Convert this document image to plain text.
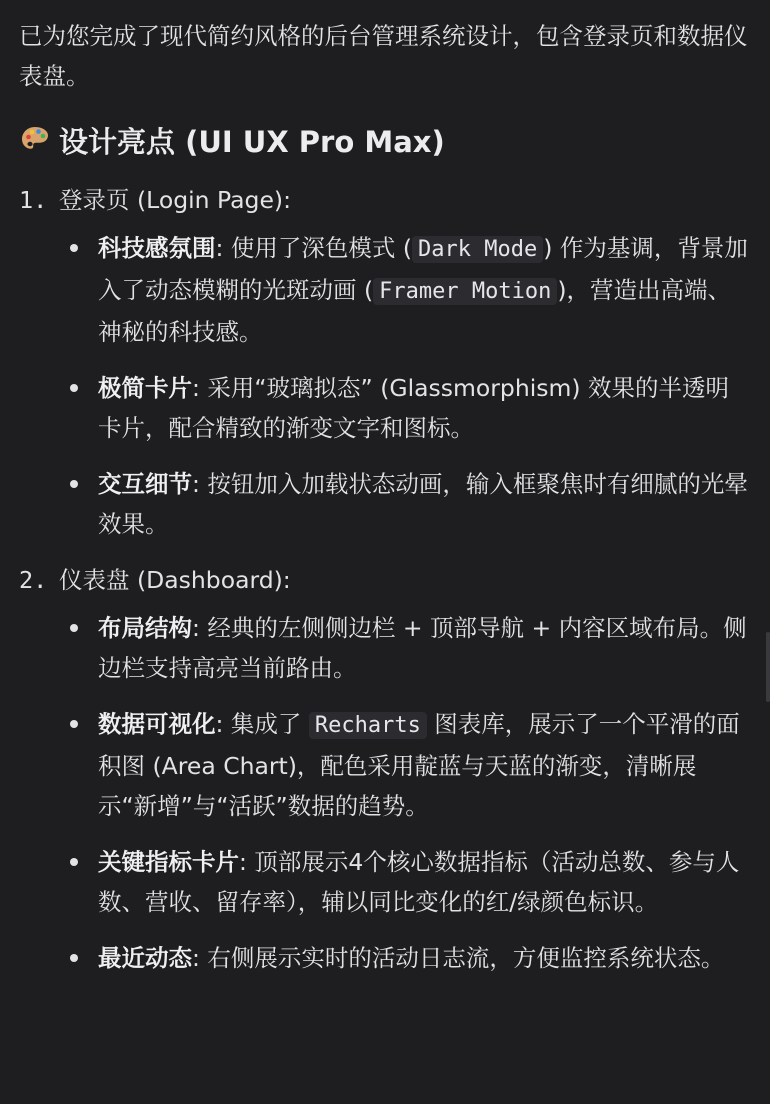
已为您完成了现代简约风格的后台管理系统设计，包含登录页和数据仪表盘。

设计亮点 (UI UX Pro Max)
1. 登录页 (Login Page):
科技感氛围: 使用了深色模式 ( Dark Mode ) 作为基调，背景加入了动态模糊的光斑动画 ( Framer Motion )，营造出高端、神秘的科技感。
极简卡片: 采用“玻璃拟态” (Glassmorphism) 效果的半透明卡片，配合精致的渐变文字和图标。
交互细节: 按钮加入加载状态动画，输入框聚焦时有细腻的光晕效果。
2. 仪表盘 (Dashboard):
布局结构: 经典的左侧侧边栏 + 顶部导航 + 内容区域布局。侧边栏支持高亮当前路由。
数据可视化: 集成了 Recharts 图表库，展示了一个平滑的面积图 (Area Chart)，配色采用靛蓝与天蓝的渐变，清晰展示“新增”与“活跃”数据的趋势。
关键指标卡片: 顶部展示4个核心数据指标（活动总数、参与人数、营收、留存率），辅以同比变化的红/绿颜色标识。
最近动态: 右侧展示实时的活动日志流，方便监控系统状态。
